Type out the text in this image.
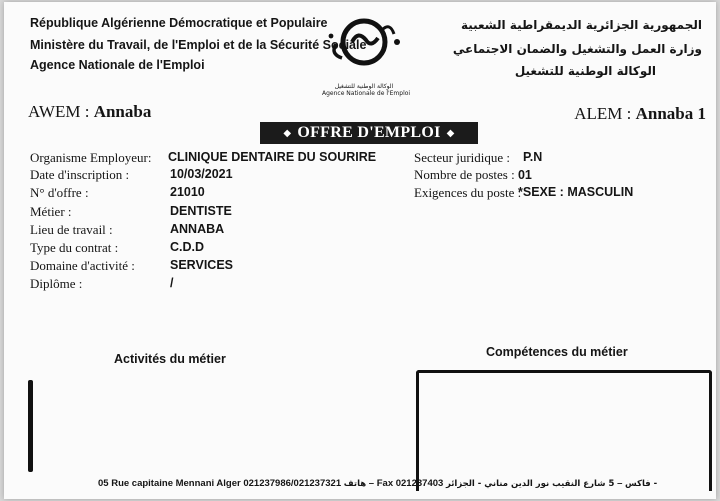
République Algérienne Démocratique et Populaire
Ministère du Travail, de l'Emploi et de la Sécurité Sociale
Agence Nationale de l'Emploi
الوكالة الوطنية للتشغيل
Agence Nationale de l'Emploi
الجمهورية الجزائرية الديمقراطية الشعبية
وزارة العمل والتشغيل والضمان الاجتماعي
الوكالة الوطنية للتشغيل
AWEM : Annaba	ALEM : Annaba 1
◆ OFFRE D'EMPLOI ◆
Organisme Employeur: CLINIQUE DENTAIRE DU SOURIRE
Date d'inscription :	10/03/2021
N° d'offre :	21010
Métier :	DENTISTE
Lieu de travail :	ANNABA
Type du contrat :	C.D.D
Domaine d'activité :	SERVICES
Diplôme :	/
Secteur juridique : P.N
Nombre de postes : 01
Exigences du poste :
*SEXE : MASCULIN
Activités du métier	Compétences du métier
05 Rue capitaine Mennani Alger 021237986/021237321 هاتف – Fax 021237403	فاكس – 5 شارع النقيب نور الدين مناني - الجزائر -
